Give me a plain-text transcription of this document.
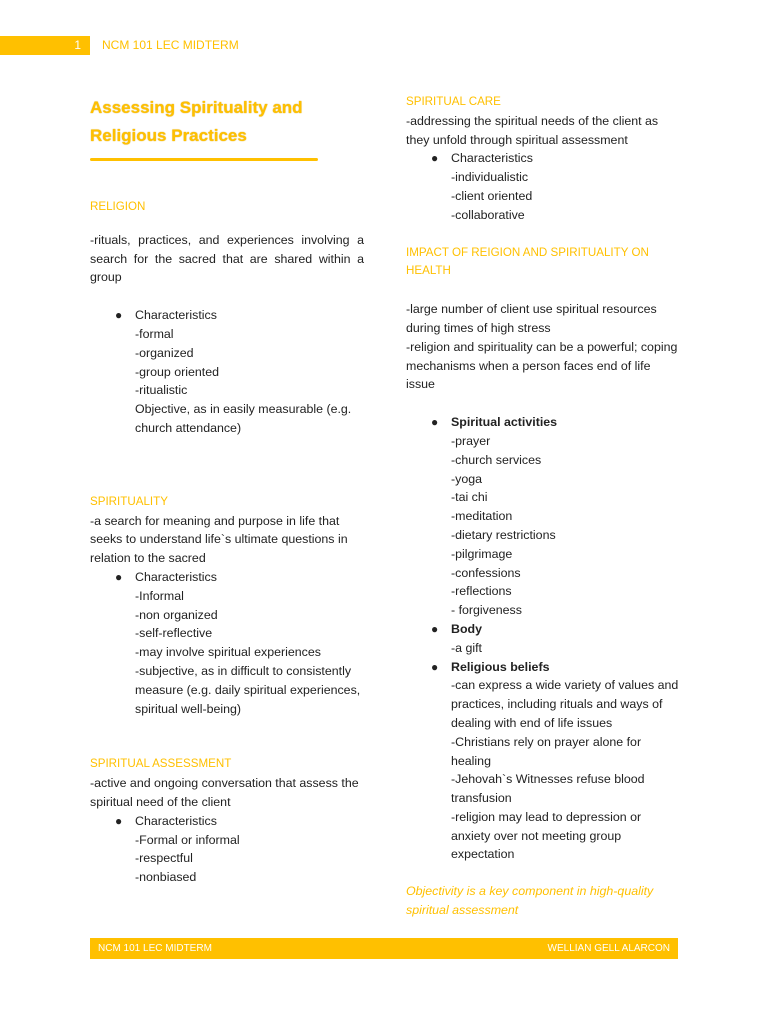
1	NCM 101 LEC MIDTERM
Assessing Spirituality and
Religious Practices
RELIGION
-rituals, practices, and experiences involving a search for the sacred that are shared within a group
● Characteristics
-formal
-organized
-group oriented
-ritualistic
Objective, as in easily measurable (e.g. church attendance)
SPIRITUALITY
-a search for meaning and purpose in life that seeks to understand life`s ultimate questions in relation to the sacred
● Characteristics
-Informal
-non organized
-self-reflective
-may involve spiritual experiences
-subjective, as in difficult to consistently measure (e.g. daily spiritual experiences, spiritual well-being)
SPIRITUAL ASSESSMENT
-active and ongoing conversation that assess the spiritual need of the client
● Characteristics
-Formal or informal
-respectful
-nonbiased
SPIRITUAL CARE
-addressing the spiritual needs of the client as they unfold through spiritual assessment
● Characteristics
-individualistic
-client oriented
-collaborative
IMPACT OF REIGION AND SPIRITUALITY ON HEALTH
-large number of client use spiritual resources during times of high stress
-religion and spirituality can be a powerful; coping mechanisms when a person faces end of life issue
● Spiritual activities
-prayer
-church services
-yoga
-tai chi
-meditation
-dietary restrictions
-pilgrimage
-confessions
-reflections
- forgiveness
● Body
-a gift
● Religious beliefs
-can express a wide variety of values and practices, including rituals and ways of dealing with end of life issues
-Christians rely on prayer alone for healing
-Jehovah`s Witnesses refuse blood transfusion
-religion may lead to depression or anxiety over not meeting group expectation
Objectivity is a key component in high-quality spiritual assessment
NCM 101 LEC MIDTERM	WELLIAN GELL ALARCON
